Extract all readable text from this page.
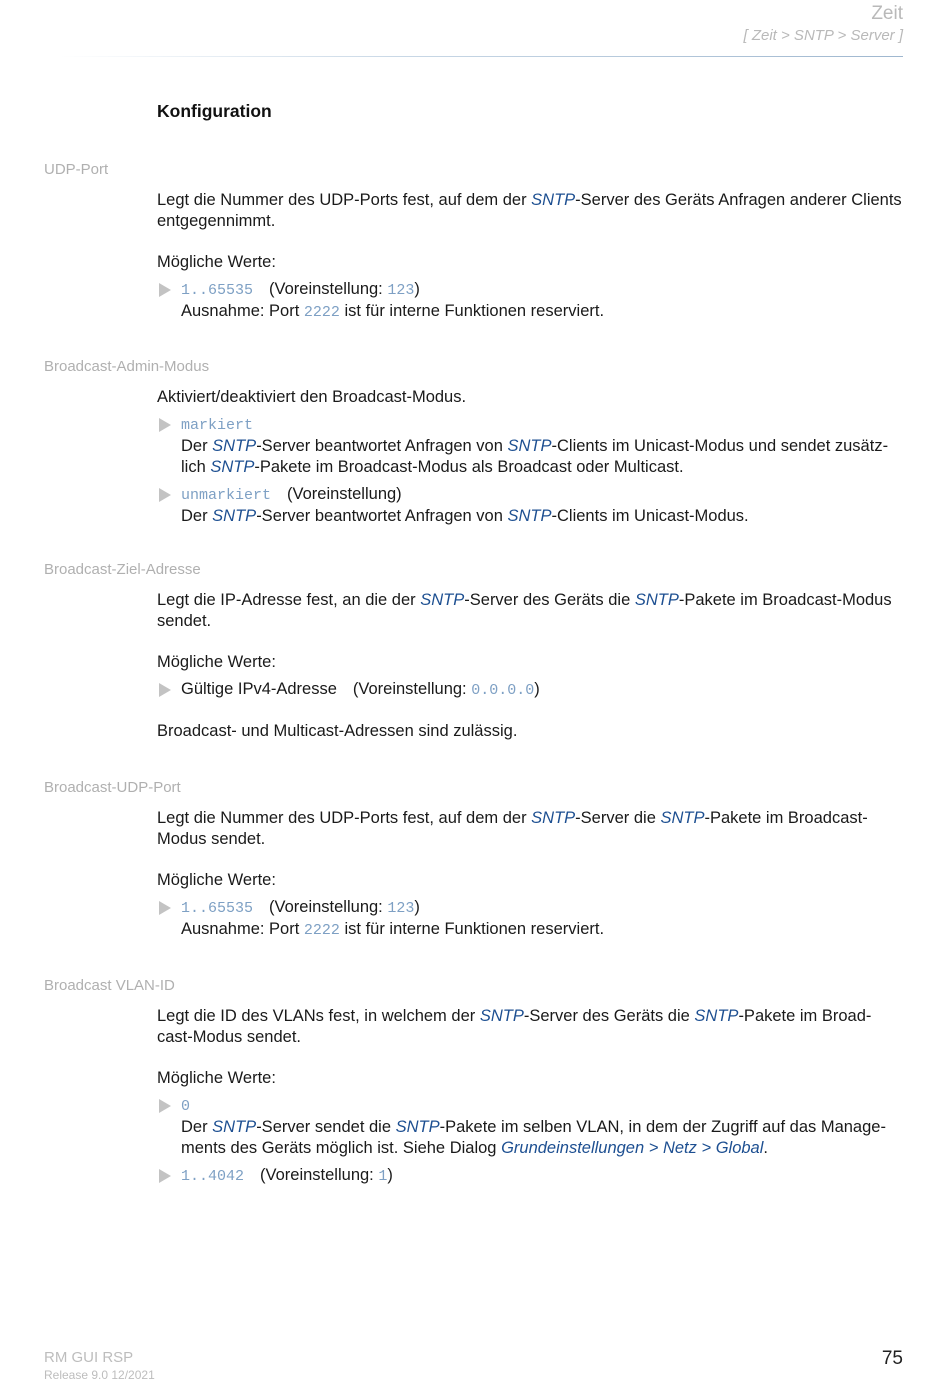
Zeit
[ Zeit > SNTP > Server ]
Konfiguration
UDP-Port

Legt die Nummer des UDP-Ports fest, auf dem der SNTP-Server des Geräts Anfragen anderer Clients entgegennimmt.

Mögliche Werte:

1..65535 (Voreinstellung: 123)
Ausnahme: Port 2222 ist für interne Funktionen reserviert.
Broadcast-Admin-Modus

Aktiviert/deaktiviert den Broadcast-Modus.

markiert
Der SNTP-Server beantwortet Anfragen von SNTP-Clients im Unicast-Modus und sendet zusätz-lich SNTP-Pakete im Broadcast-Modus als Broadcast oder Multicast.
unmarkiert (Voreinstellung)
Der SNTP-Server beantwortet Anfragen von SNTP-Clients im Unicast-Modus.
Broadcast-Ziel-Adresse

Legt die IP-Adresse fest, an die der SNTP-Server des Geräts die SNTP-Pakete im Broadcast-Modus sendet.

Mögliche Werte:

Gültige IPv4-Adresse (Voreinstellung: 0.0.0.0)

Broadcast- und Multicast-Adressen sind zulässig.

Broadcast-UDP-Port

Legt die Nummer des UDP-Ports fest, auf dem der SNTP-Server die SNTP-Pakete im Broadcast-Modus sendet.

Mögliche Werte:

1..65535 (Voreinstellung: 123)
Ausnahme: Port 2222 ist für interne Funktionen reserviert.
Broadcast VLAN-ID

Legt die ID des VLANs fest, in welchem der SNTP-Server des Geräts die SNTP-Pakete im Broad-cast-Modus sendet.

Mögliche Werte:

0
Der SNTP-Server sendet die SNTP-Pakete im selben VLAN, in dem der Zugriff auf das Manage-ments des Geräts möglich ist. Siehe Dialog Grundeinstellungen > Netz > Global.
1..4042 (Voreinstellung: 1)
RM GUI RSP
Release 9.0 12/2021
75
